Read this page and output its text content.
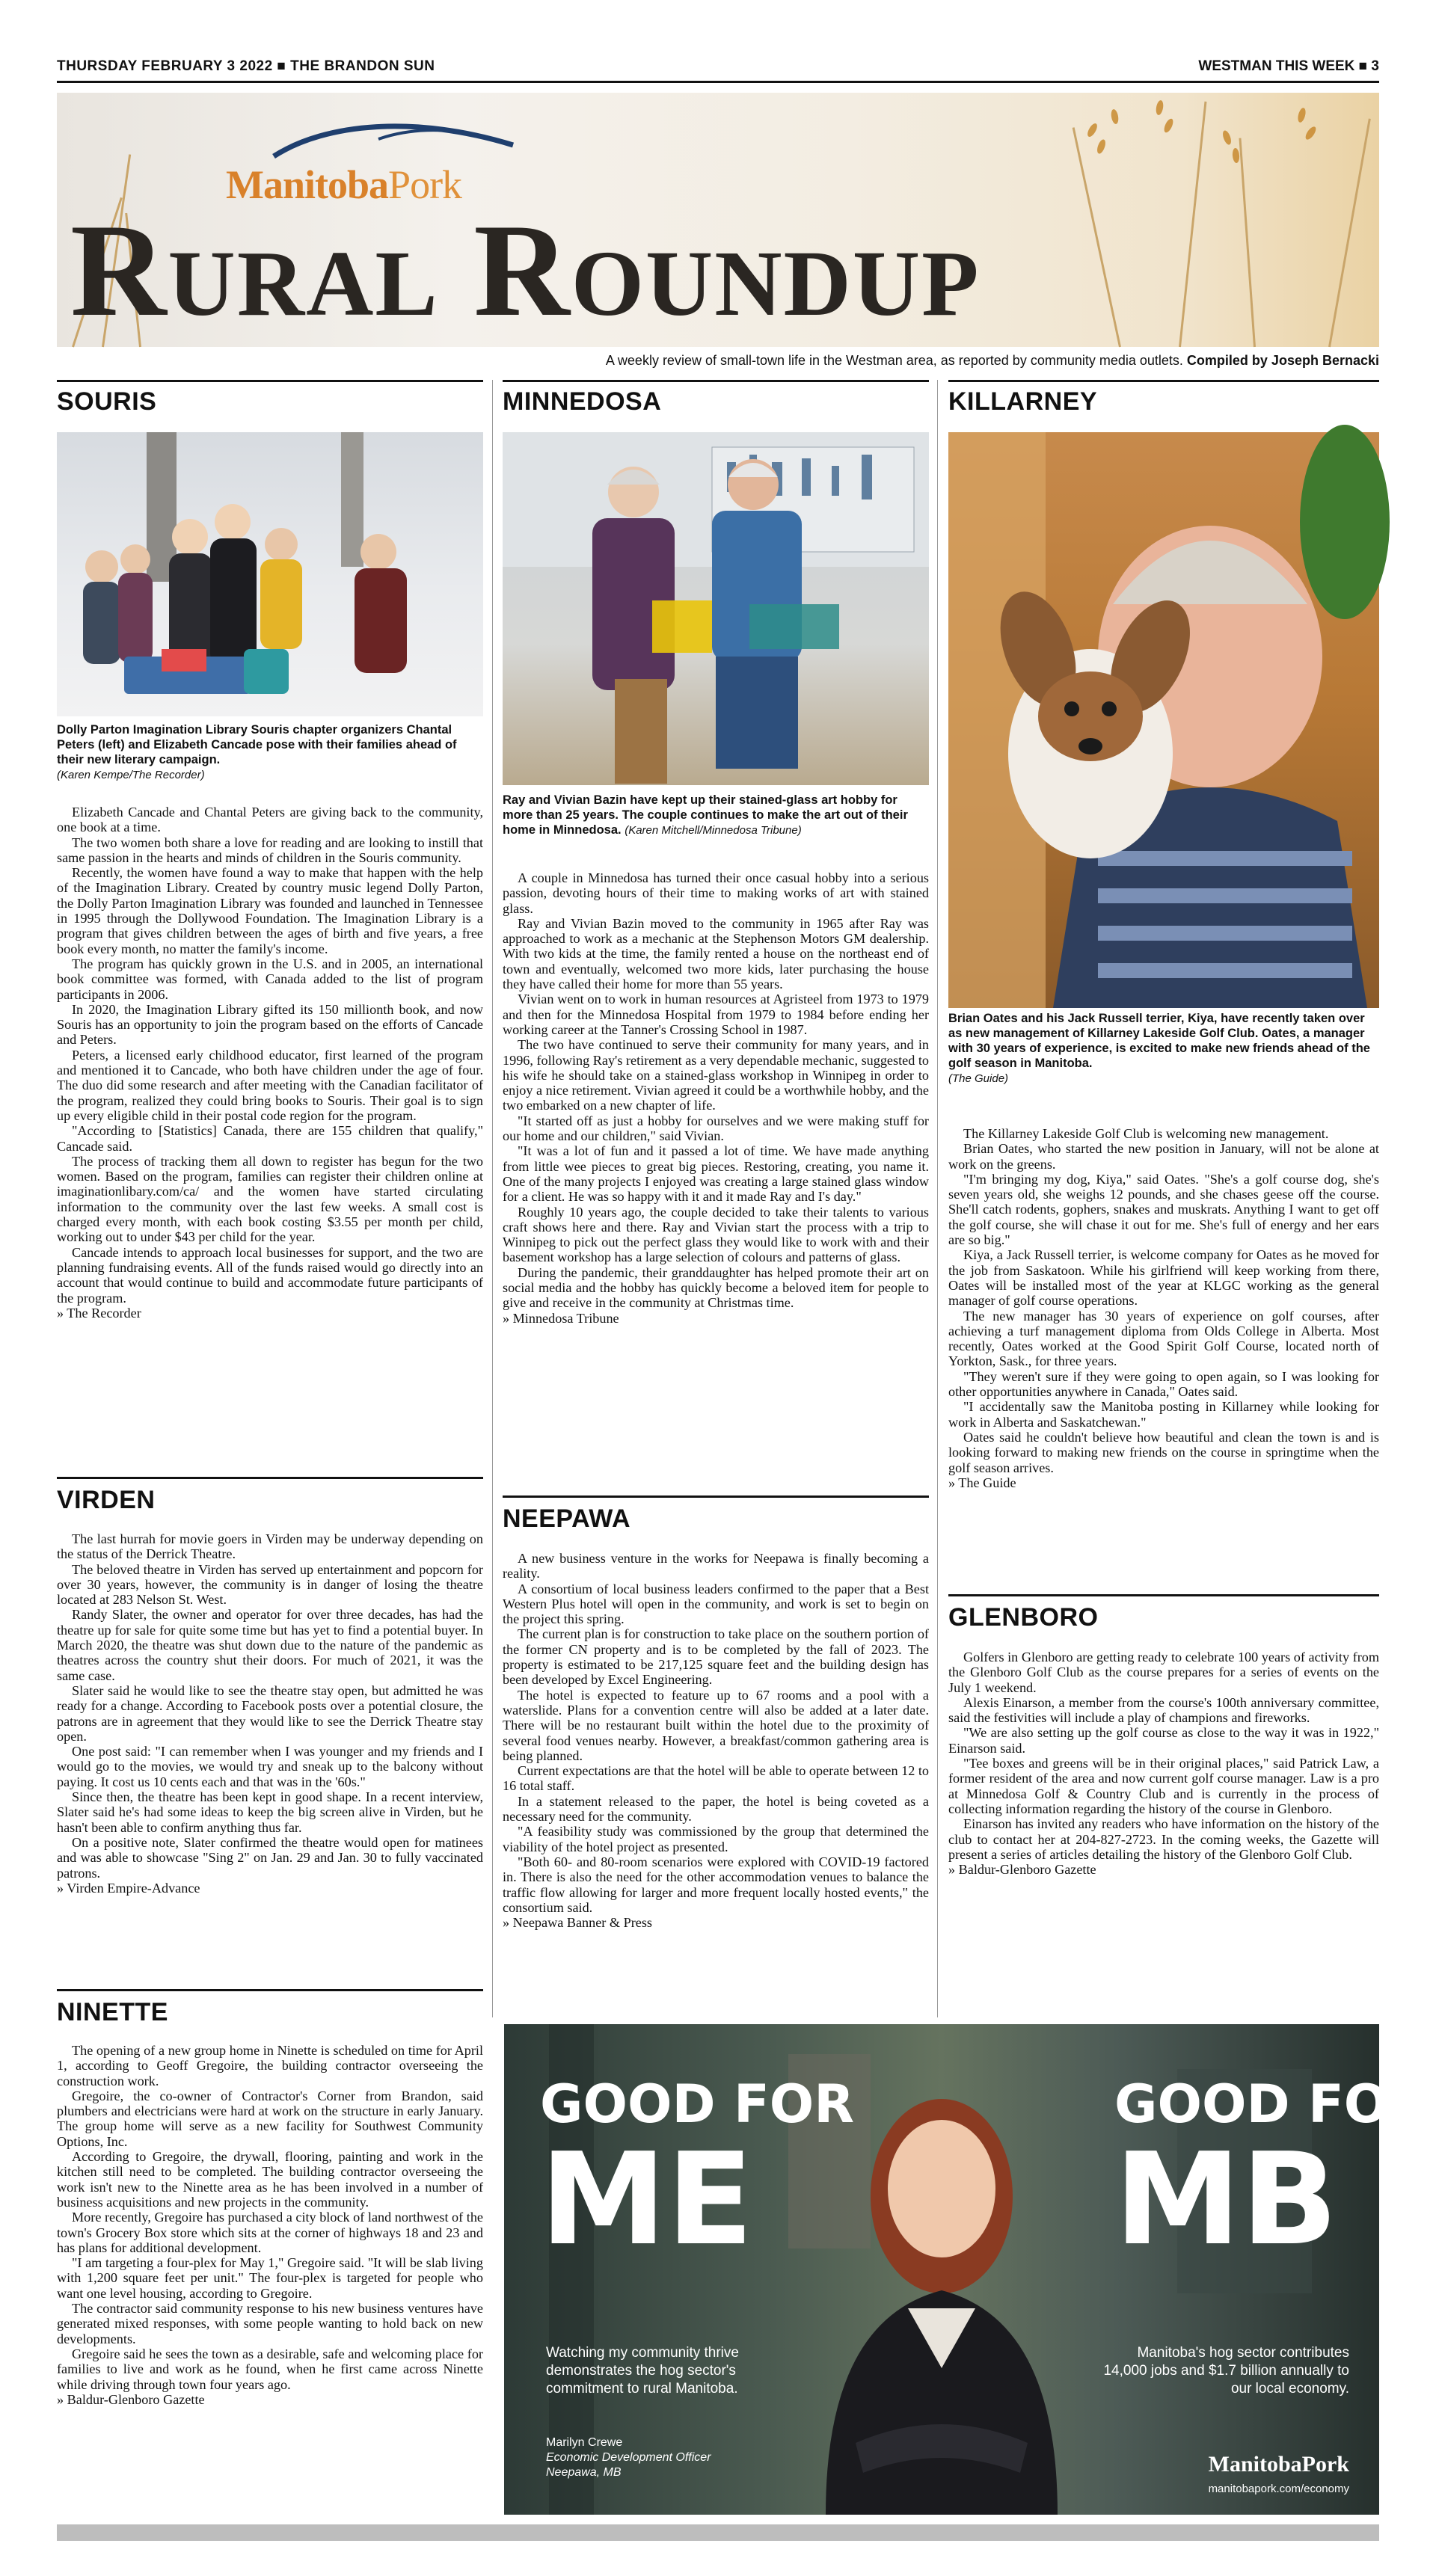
THURSDAY FEBRUARY 3 2022 ■ THE BRANDON SUN	WESTMAN THIS WEEK ■ 3
ManitobaPork
Rural Roundup
A weekly review of small-town life in the Westman area, as reported by community media outlets. Compiled by Joseph Bernacki
SOURIS
Dolly Parton Imagination Library Souris chapter organizers Chantal Peters (left) and Elizabeth Cancade pose with their families ahead of their new literary campaign.
(Karen Kempe/The Recorder)

Elizabeth Cancade and Chantal Peters are giving back to the community, one book at a time.

The two women both share a love for reading and are looking to instill that same passion in the hearts and minds of children in the Souris community.

Recently, the women have found a way to make that happen with the help of the Imagination Library. Created by country music legend Dolly Parton, the Dolly Parton Imagination Library was founded and launched in Tennessee in 1995 through the Dollywood Foundation. The Imagination Library is a program that gives children between the ages of birth and five years, a free book every month, no matter the family's income.

The program has quickly grown in the U.S. and in 2005, an international book committee was formed, with Canada added to the list of program participants in 2006.

In 2020, the Imagination Library gifted its 150 millionth book, and now Souris has an opportunity to join the program based on the efforts of Cancade and Peters.

Peters, a licensed early childhood educator, first learned of the program and mentioned it to Cancade, who both have children under the age of four. The duo did some research and after meeting with the Canadian facilitator of the program, realized they could bring books to Souris. Their goal is to sign up every eligible child in their postal code region for the program.

"According to [Statistics] Canada, there are 155 children that qualify," Cancade said.

The process of tracking them all down to register has begun for the two women. Based on the program, families can register their children online at imaginationlibary.com/ca/ and the women have started circulating information to the community over the last few weeks. A small cost is charged every month, with each book costing $3.55 per month per child, working out to under $43 per child for the year.

Cancade intends to approach local businesses for support, and the two are planning fundraising events. All of the funds raised would go directly into an account that would continue to build and accommodate future participants of the program.

» The Recorder

VIRDEN

The last hurrah for movie goers in Virden may be underway depending on the status of the Derrick Theatre.

The beloved theatre in Virden has served up entertainment and popcorn for over 30 years, however, the community is in danger of losing the theatre located at 283 Nelson St. West.

Randy Slater, the owner and operator for over three decades, has had the theatre up for sale for quite some time but has yet to find a potential buyer. In March 2020, the theatre was shut down due to the nature of the pandemic as theatres across the country shut their doors. For much of 2021, it was the same case.

Slater said he would like to see the theatre stay open, but admitted he was ready for a change. According to Facebook posts over a potential closure, the patrons are in agreement that they would like to see the Derrick Theatre stay open.

One post said: "I can remember when I was younger and my friends and I would go to the movies, we would try and sneak up to the balcony without paying. It cost us 10 cents each and that was in the '60s."

Since then, the theatre has been kept in good shape. In a recent interview, Slater said he's had some ideas to keep the big screen alive in Virden, but he hasn't been able to confirm anything thus far.

On a positive note, Slater confirmed the theatre would open for matinees and was able to showcase "Sing 2" on Jan. 29 and Jan. 30 to fully vaccinated patrons.

» Virden Empire-Advance

NINETTE

The opening of a new group home in Ninette is scheduled on time for April 1, according to Geoff Gregoire, the building contractor overseeing the construction work.

Gregoire, the co-owner of Contractor's Corner from Brandon, said plumbers and electricians were hard at work on the structure in early January. The group home will serve as a new facility for Southwest Community Options, Inc.

According to Gregoire, the drywall, flooring, painting and work in the kitchen still need to be completed. The building contractor overseeing the work isn't new to the Ninette area as he has been involved in a number of business acquisitions and new projects in the community.

More recently, Gregoire has purchased a city block of land northwest of the town's Grocery Box store which sits at the corner of highways 18 and 23 and has plans for additional development.

"I am targeting a four-plex for May 1," Gregoire said. "It will be slab living with 1,200 square feet per unit." The four-plex is targeted for people who want one level housing, according to Gregoire.

The contractor said community response to his new business ventures have generated mixed responses, with some people wanting to hold back on new developments.

Gregoire said he sees the town as a desirable, safe and welcoming place for families to live and work as he found, when he first came across Ninette while driving through town four years ago.

» Baldur-Glenboro Gazette

MINNEDOSA
Ray and Vivian Bazin have kept up their stained-glass art hobby for more than 25 years. The couple continues to make the art out of their home in Minnedosa. (Karen Mitchell/Minnedosa Tribune)

A couple in Minnedosa has turned their once casual hobby into a serious passion, devoting hours of their time to making works of art with stained glass.

Ray and Vivian Bazin moved to the community in 1965 after Ray was approached to work as a mechanic at the Stephenson Motors GM dealership. With two kids at the time, the family rented a house on the northeast end of town and eventually, welcomed two more kids, later purchasing the house they have called their home for more than 55 years.

Vivian went on to work in human resources at Agristeel from 1973 to 1979 and then for the Minnedosa Hospital from 1979 to 1984 before ending her working career at the Tanner's Crossing School in 1987.

The two have continued to serve their community for many years, and in 1996, following Ray's retirement as a very dependable mechanic, suggested to his wife he should take on a stained-glass workshop in Winnipeg in order to enjoy a nice retirement. Vivian agreed it could be a worthwhile hobby, and the two embarked on a new chapter of life.

"It started off as just a hobby for ourselves and we were making stuff for our home and our children," said Vivian.

"It was a lot of fun and it passed a lot of time. We have made anything from little wee pieces to great big pieces. Restoring, creating, you name it. One of the many projects I enjoyed was creating a large stained glass window for a client. He was so happy with it and it made Ray and I's day."

Roughly 10 years ago, the couple decided to take their talents to various craft shows here and there. Ray and Vivian start the process with a trip to Winnipeg to pick out the perfect glass they would like to work with and their basement workshop has a large selection of colours and patterns of glass.

During the pandemic, their granddaughter has helped promote their art on social media and the hobby has quickly become a beloved item for people to give and receive in the community at Christmas time.

» Minnedosa Tribune

NEEPAWA

A new business venture in the works for Neepawa is finally becoming a reality.

A consortium of local business leaders confirmed to the paper that a Best Western Plus hotel will open in the community, and work is set to begin on the project this spring.

The current plan is for construction to take place on the southern portion of the former CN property and is to be completed by the fall of 2023. The property is estimated to be 217,125 square feet and the building design has been developed by Excel Engineering.

The hotel is expected to feature up to 67 rooms and a pool with a waterslide. Plans for a convention centre will also be added at a later date. There will be no restaurant built within the hotel due to the proximity of several food venues nearby. However, a breakfast/common gathering area is being planned.

Current expectations are that the hotel will be able to operate between 12 to 16 total staff.

In a statement released to the paper, the hotel is being coveted as a necessary need for the community.

"A feasibility study was commissioned by the group that determined the viability of the hotel project as presented.

"Both 60- and 80-room scenarios were explored with COVID-19 factored in. There is also the need for the other accommodation venues to balance the traffic flow allowing for larger and more frequent locally hosted events," the consortium said.

» Neepawa Banner & Press

KILLARNEY
Brian Oates and his Jack Russell terrier, Kiya, have recently taken over as new management of Killarney Lakeside Golf Club. Oates, a manager with 30 years of experience, is excited to make new friends ahead of the golf season in Manitoba.
(The Guide)

The Killarney Lakeside Golf Club is welcoming new management.

Brian Oates, who started the new position in January, will not be alone at work on the greens.

"I'm bringing my dog, Kiya," said Oates. "She's a golf course dog, she's seven years old, she weighs 12 pounds, and she chases geese off the course. She'll catch rodents, gophers, snakes and muskrats. Anything I want to get off the golf course, she will chase it out for me. She's full of energy and her ears are so big."

Kiya, a Jack Russell terrier, is welcome company for Oates as he moved for the job from Saskatoon. While his girlfriend will keep working from there, Oates will be installed most of the year at KLGC working as the general manager of golf course operations.

The new manager has 30 years of experience on golf courses, after achieving a turf management diploma from Olds College in Alberta. Most recently, Oates worked at the Good Spirit Golf Course, located north of Yorkton, Sask., for three years.

"They weren't sure if they were going to open again, so I was looking for other opportunities anywhere in Canada," Oates said.

"I accidentally saw the Manitoba posting in Killarney while looking for work in Alberta and Saskatchewan."

Oates said he couldn't believe how beautiful and clean the town is and is looking forward to making new friends on the course in springtime when the golf season arrives.

» The Guide

GLENBORO

Golfers in Glenboro are getting ready to celebrate 100 years of activity from the Glenboro Golf Club as the course prepares for a series of events on the July 1 weekend.

Alexis Einarson, a member from the course's 100th anniversary committee, said the festivities will include a play of champions and fireworks.

"We are also setting up the golf course as close to the way it was in 1922," Einarson said.

"Tee boxes and greens will be in their original places," said Patrick Law, a former resident of the area and now current golf course manager. Law is a pro at Minnedosa Golf & Country Club and is currently in the process of collecting information regarding the history of the course in Glenboro.

Einarson has invited any readers who have information on the history of the club to contact her at 204-827-2723. In the coming weeks, the Gazette will present a series of articles detailing the history of the Glenboro Golf Club.

» Baldur-Glenboro Gazette

GOOD FOR
ME
GOOD FOR
MB
Watching my community thrive demonstrates the hog sector's commitment to rural Manitoba.
Marilyn Crewe
Economic Development Officer
Neepawa, MB
Manitoba's hog sector contributes 14,000 jobs and $1.7 billion annually to our local economy.
ManitobaPork
manitobapork.com/economy
